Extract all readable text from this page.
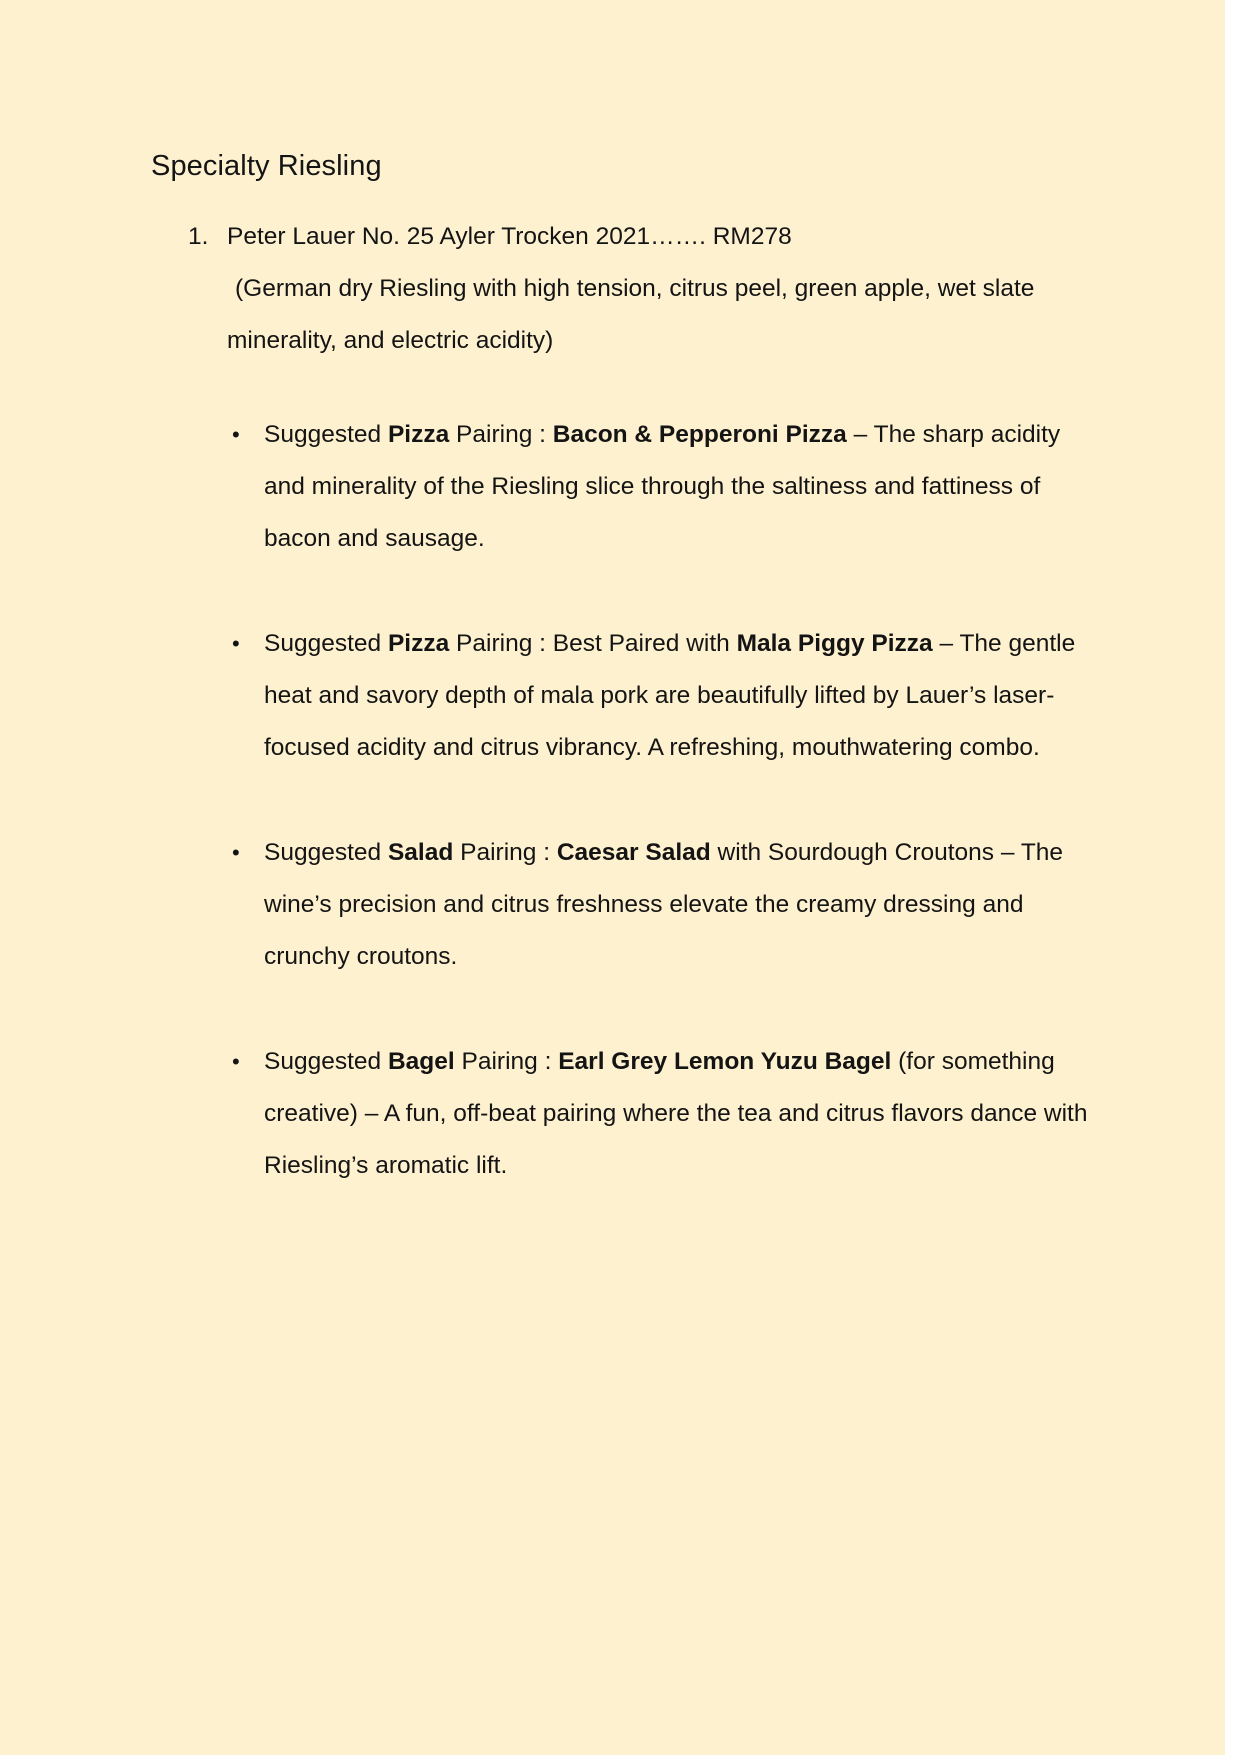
Specialty Riesling
1. Peter Lauer No. 25 Ayler Trocken 2021……. RM278
(German dry Riesling with high tension, citrus peel, green apple, wet slate minerality, and electric acidity)
• Suggested Pizza Pairing : Bacon & Pepperoni Pizza – The sharp acidity and minerality of the Riesling slice through the saltiness and fattiness of bacon and sausage.
• Suggested Pizza Pairing : Best Paired with Mala Piggy Pizza – The gentle heat and savory depth of mala pork are beautifully lifted by Lauer’s laser-focused acidity and citrus vibrancy. A refreshing, mouthwatering combo.
• Suggested Salad Pairing : Caesar Salad with Sourdough Croutons – The wine’s precision and citrus freshness elevate the creamy dressing and crunchy croutons.
• Suggested Bagel Pairing : Earl Grey Lemon Yuzu Bagel (for something creative) – A fun, off-beat pairing where the tea and citrus flavors dance with Riesling’s aromatic lift.
